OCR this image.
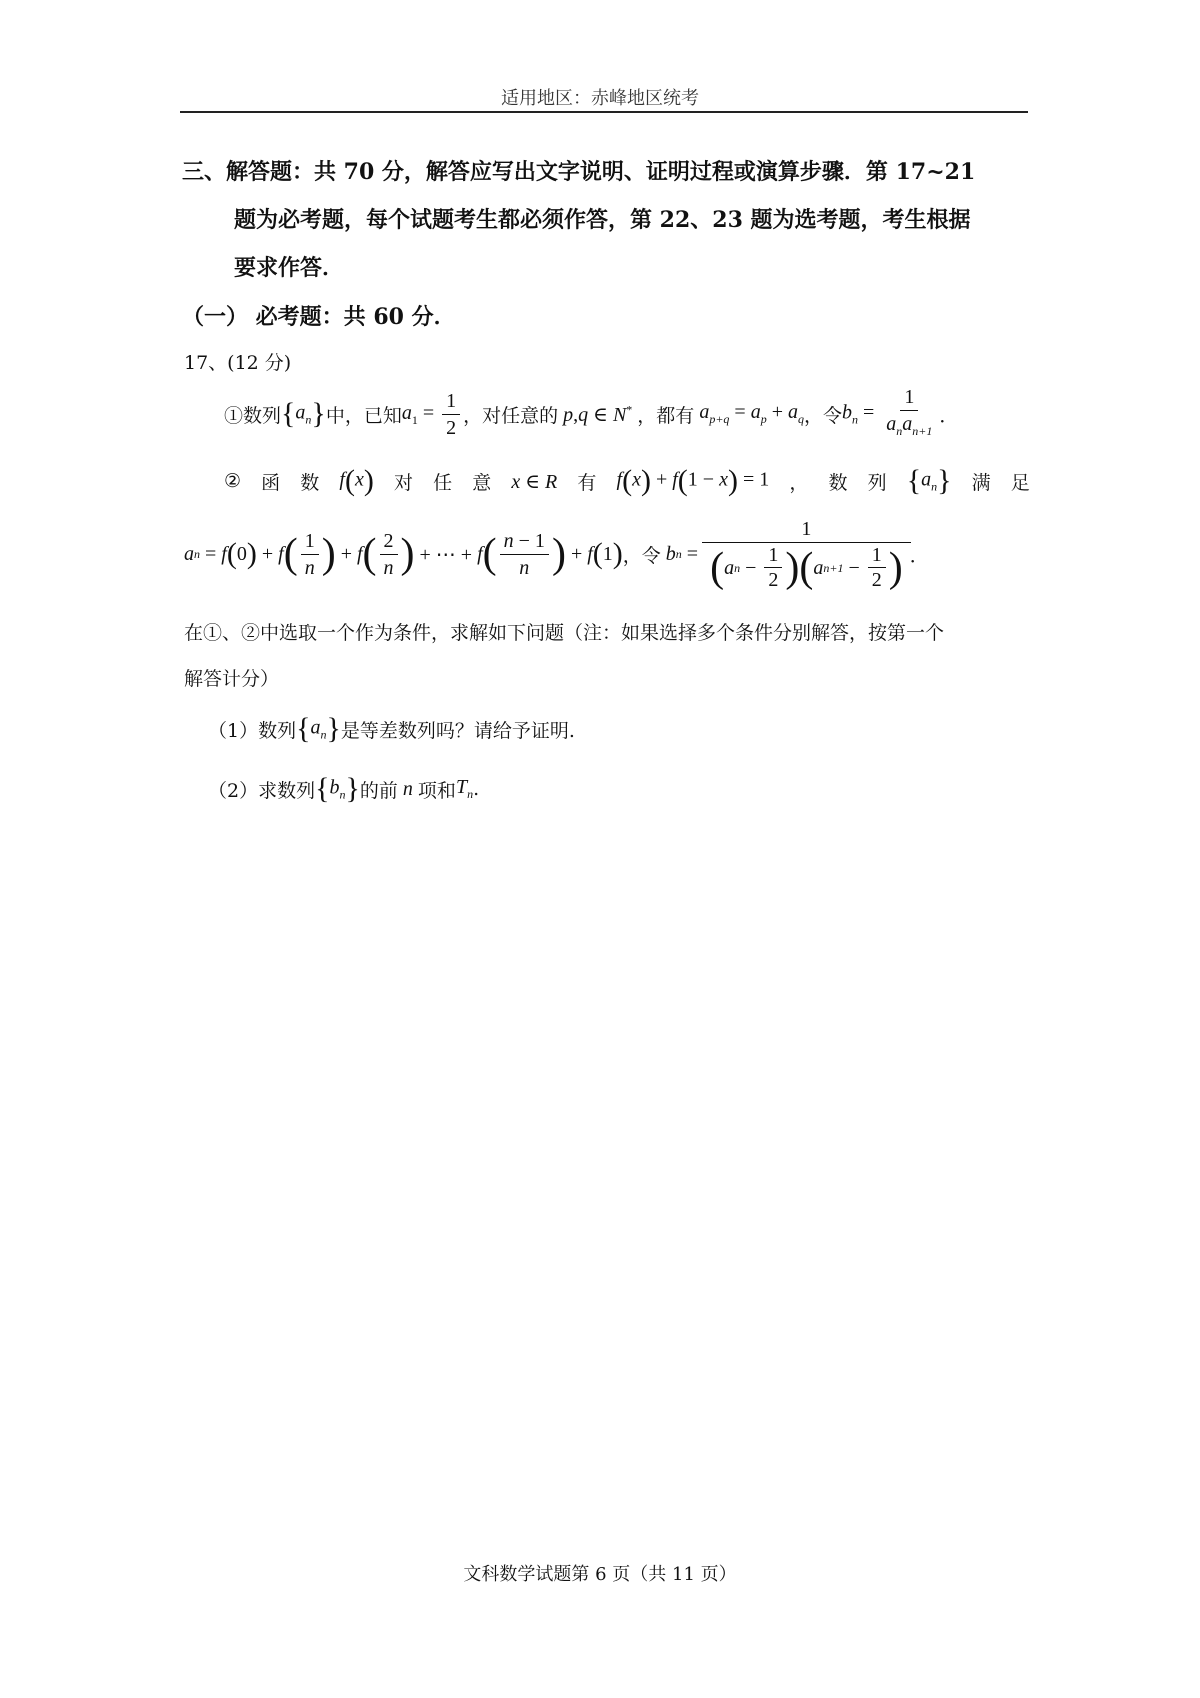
适用地区：赤峰地区统考
三、解答题：共 70 分，解答应写出文字说明、证明过程或演算步骤．第 17~21
题为必考题，每个试题考生都必须作答，第 22、23 题为选考题，考生根据
要求作答．
（一） 必考题：共 60 分．
17、(12 分)
①数列 $\{a_n\}$ 中，已知 $a_1 = \frac{1}{2}$ ，对任意的 p,q ∈ N* ，都有 $a_{p+q} = a_p + a_q$ ，令 $b_n = \frac{1}{a_na_{n+1}}$ ．
② 函 数 f(x) 对 任 意 x ∈ R 有 f(x) + f(1 − x) = 1 ， 数 列 $\{a_n\}$ 满 足
a n = f ( 0 ) + f ( $\frac{1}{n}$ ) + f ( $\frac{2}{n}$ ) + ⋯ + f ( $\frac{n - 1}{n}$ ) + f ( 1 ) ，令
b $n = \frac{1}{( a n - \frac{1}{2} ) ( a n+1 - \frac{1}{2} )}$ ．
在①、②中选取一个作为条件，求解如下问题（注：如果选择多个条件分别解答，按第一个
解答计分）
（1）数列 $\{a_n\}$ 是等差数列吗？请给予证明.
（2）求数列 $\{b_n\}$ 的前 n 项和 $T_n$ .
文科数学试题第 6 页（共 11 页）
